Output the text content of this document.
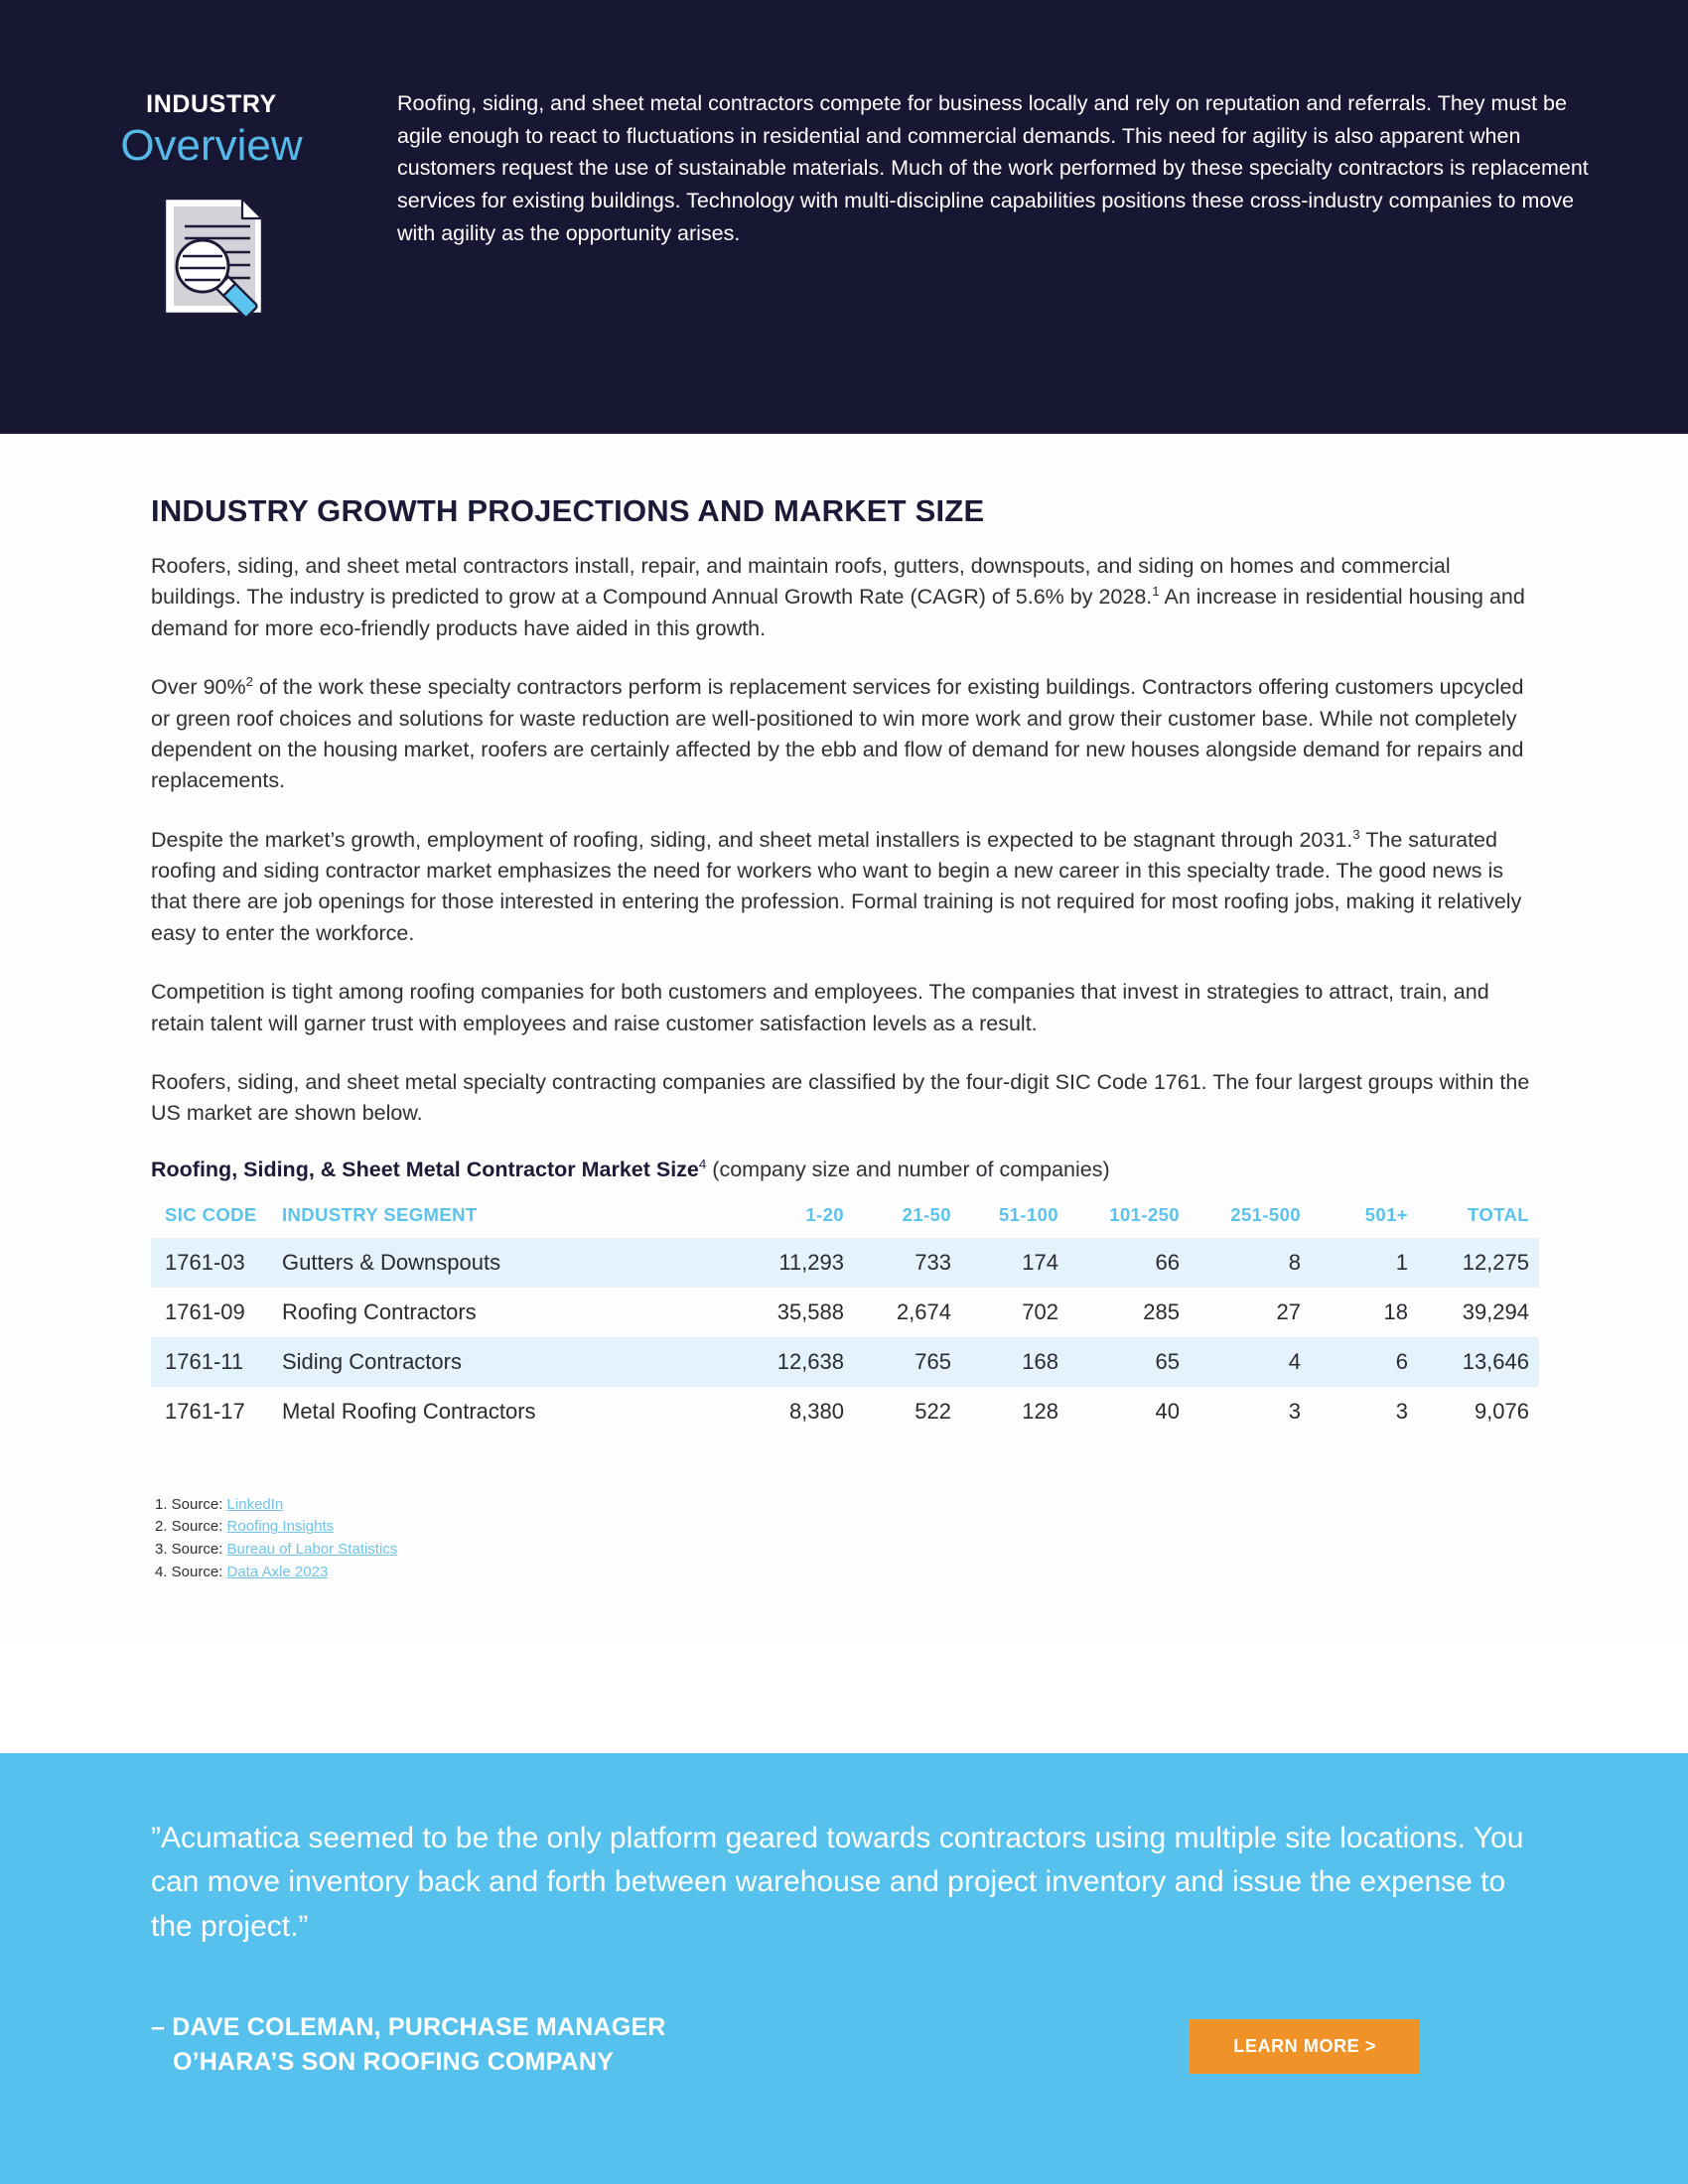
INDUSTRY
Overview
Roofing, siding, and sheet metal contractors compete for business locally and rely on reputation and referrals. They must be agile enough to react to fluctuations in residential and commercial demands. This need for agility is also apparent when customers request the use of sustainable materials. Much of the work performed by these specialty contractors is replacement services for existing buildings. Technology with multi-discipline capabilities positions these cross-industry companies to move with agility as the opportunity arises.
INDUSTRY GROWTH PROJECTIONS AND MARKET SIZE

Roofers, siding, and sheet metal contractors install, repair, and maintain roofs, gutters, downspouts, and siding on homes and commercial buildings. The industry is predicted to grow at a Compound Annual Growth Rate (CAGR) of 5.6% by 2028.$^1$ An increase in residential housing and demand for more eco-friendly products have aided in this growth.

Over 90%$^2$ of the work these specialty contractors perform is replacement services for existing buildings. Contractors offering customers upcycled or green roof choices and solutions for waste reduction are well-positioned to win more work and grow their customer base. While not completely dependent on the housing market, roofers are certainly affected by the ebb and flow of demand for new houses alongside demand for repairs and replacements.

Despite the market’s growth, employment of roofing, siding, and sheet metal installers is expected to be stagnant through 2031.$^3$ The saturated roofing and siding contractor market emphasizes the need for workers who want to begin a new career in this specialty trade. The good news is that there are job openings for those interested in entering the profession. Formal training is not required for most roofing jobs, making it relatively easy to enter the workforce.

Competition is tight among roofing companies for both customers and employees. The companies that invest in strategies to attract, train, and retain talent will garner trust with employees and raise customer satisfaction levels as a result.

Roofers, siding, and sheet metal specialty contracting companies are classified by the four-digit SIC Code 1761. The four largest groups within the US market are shown below.

Roofing, Siding, & Sheet Metal Contractor Market Size$^4$ (company size and number of companies)
SIC CODE	INDUSTRY SEGMENT	1-20	21-50	51-100	101-250	251-500	501+	TOTAL
1761-03	Gutters & Downspouts	11,293	733	174	66	8	1	12,275
1761-09	Roofing Contractors	35,588	2,674	702	285	27	18	39,294
1761-11	Siding Contractors	12,638	765	168	65	4	6	13,646
1761-17	Metal Roofing Contractors	8,380	522	128	40	3	3	9,076
1. Source: LinkedIn
2. Source: Roofing Insights
3. Source: Bureau of Labor Statistics
4. Source: Data Axle 2023
”Acumatica seemed to be the only platform geared towards contractors using multiple site locations. You can move inventory back and forth between warehouse and project inventory and issue the expense to the project.”
– DAVE COLEMAN, PURCHASE MANAGER
O’HARA’S SON ROOFING COMPANY
LEARN MORE >
